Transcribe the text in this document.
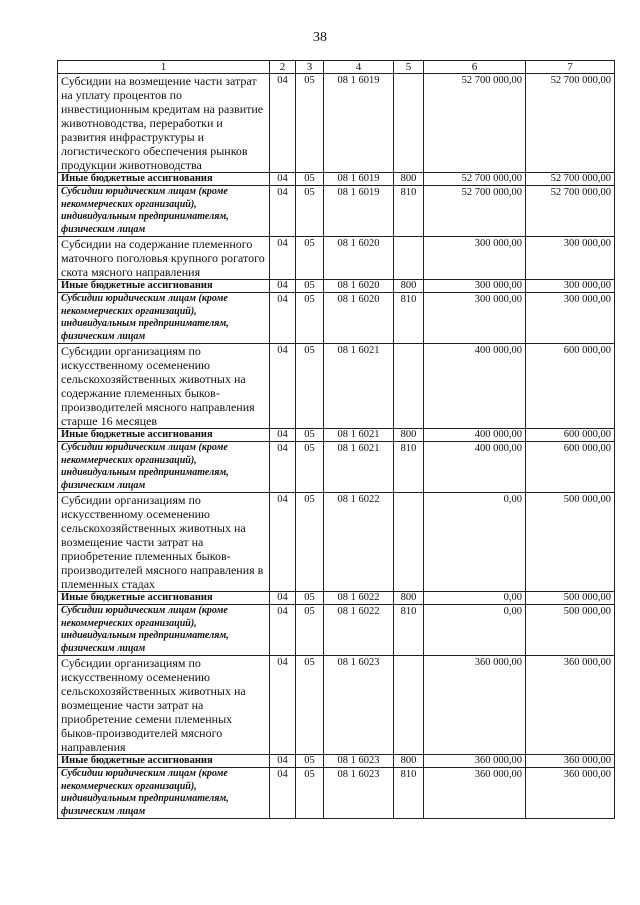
38
1	2	3	4	5	6	7
Субсидии на возмещение части затрат на уплату процентов по инвестиционным кредитам на развитие животноводства, переработки и развития инфраструктуры и логистического обеспечения рынков продукции животноводства	04	05	08 1 6019		52 700 000,00	52 700 000,00
Иные бюджетные ассигнования	04	05	08 1 6019	800	52 700 000,00	52 700 000,00
Субсидии юридическим лицам (кроме некоммерческих организаций), индивидуальным предпринимателям, физическим лицам	04	05	08 1 6019	810	52 700 000,00	52 700 000,00
Субсидии на содержание племенного маточного поголовья крупного рогатого скота мясного направления	04	05	08 1 6020		300 000,00	300 000,00
Иные бюджетные ассигнования	04	05	08 1 6020	800	300 000,00	300 000,00
Субсидии юридическим лицам (кроме некоммерческих организаций), индивидуальным предпринимателям, физическим лицам	04	05	08 1 6020	810	300 000,00	300 000,00
Субсидии организациям по искусственному осеменению сельскохозяйственных животных на содержание племенных быков-производителей мясного направления старше 16 месяцев	04	05	08 1 6021		400 000,00	600 000,00
Иные бюджетные ассигнования	04	05	08 1 6021	800	400 000,00	600 000,00
Субсидии юридическим лицам (кроме некоммерческих организаций), индивидуальным предпринимателям, физическим лицам	04	05	08 1 6021	810	400 000,00	600 000,00
Субсидии организациям по искусственному осеменению сельскохозяйственных животных на возмещение части затрат на приобретение племенных быков-производителей мясного направления в племенных стадах	04	05	08 1 6022		0,00	500 000,00
Иные бюджетные ассигнования	04	05	08 1 6022	800	0,00	500 000,00
Субсидии юридическим лицам (кроме некоммерческих организаций), индивидуальным предпринимателям, физическим лицам	04	05	08 1 6022	810	0,00	500 000,00
Субсидии организациям по искусственному осеменению сельскохозяйственных животных на возмещение части затрат на приобретение семени племенных быков-производителей мясного направления	04	05	08 1 6023		360 000,00	360 000,00
Иные бюджетные ассигнования	04	05	08 1 6023	800	360 000,00	360 000,00
Субсидии юридическим лицам (кроме некоммерческих организаций), индивидуальным предпринимателям, физическим лицам	04	05	08 1 6023	810	360 000,00	360 000,00
